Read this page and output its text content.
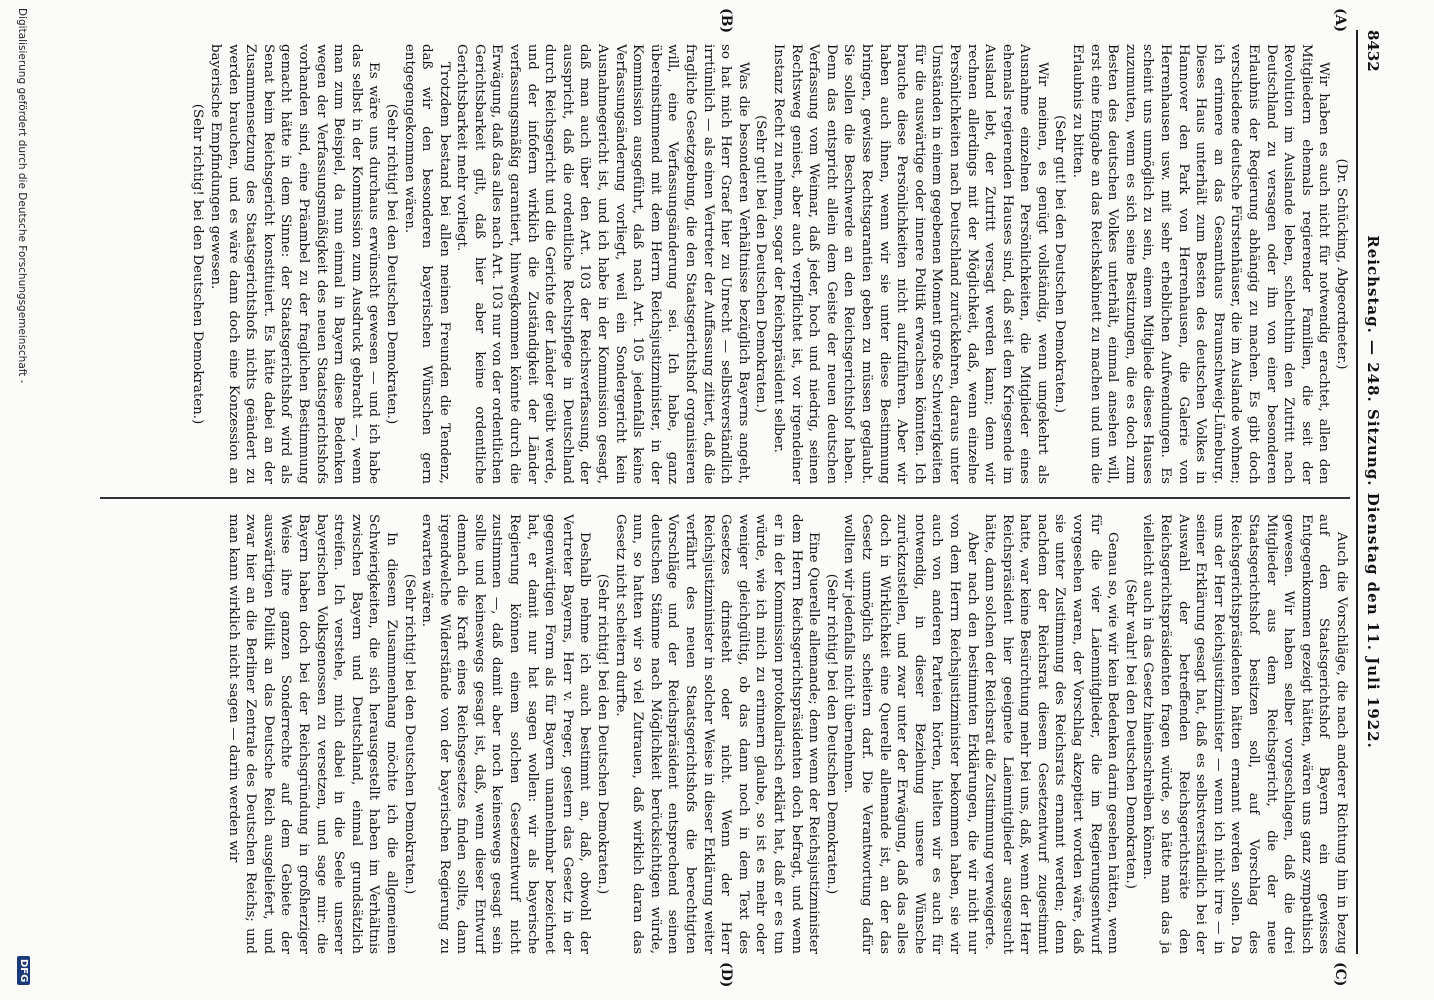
8432
Reichstag. — 248. Sitzung. Dienstag den 11. Juli 1922.
(A)
(B)
(C)
(D)

(Dr. Schücking, Abgeordneter.)

Wir haben es auch nicht für notwendig erachtet, allen den Mitgliedern ehemals regierender Familien, die seit der Revolution im Auslande leben, schlechthin den Zutritt nach Deutschland zu versagen oder ihn von einer besonderen Erlaubnis der Regierung abhängig zu machen. Es gibt doch verschiedene deutsche Fürstenhäuser, die im Auslande wohnen; ich erinnere an das Gesamthaus Braunschweig-Lüneburg. Dieses Haus unterhält zum Besten des deutschen Volkes in Hannover den Park von Herrenhausen, die Galerie von Herrenhausen usw. mit sehr erheblichen Aufwendungen. Es scheint uns unmöglich zu sein, einem Mitgliede dieses Hauses zuzumuten, wenn es sich seine Besitzungen, die es doch zum Besten des deutschen Volkes unterhält, einmal ansehen will, erst eine Eingabe an das Reichskabinett zu machen und um die Erlaubnis zu bitten.

(Sehr gut! bei den Deutschen Demokraten.)

Wir meinen, es genügt vollständig, wenn umgekehrt als Ausnahme einzelnen Persönlichkeiten, die Mitglieder eines ehemals regierenden Hauses sind, daß seit dem Kriegsende im Ausland lebt, der Zutritt versagt werden kann; denn wir rechnen allerdings mit der Möglichkeit, daß, wenn einzelne Persönlichkeiten nach Deutschland zurückkehren, daraus unter Umständen in einem gegebenen Moment große Schwierigkeiten für die auswärtige oder innere Politik erwachsen könnten. Ich brauche diese Persönlichkeiten nicht aufzuführen. Aber wir haben auch ihnen, wenn wir sie unter diese Bestimmung bringen, gewisse Rechtsgarantien geben zu müssen geglaubt. Sie sollen die Beschwerde an den Reichsgerichtshof haben. Denn das entspricht allein dem Geiste der neuen deutschen Verfassung vom Weimar, daß jeder, hoch und niedrig, seinen Rechtsweg geniest, aber auch verpflichtet ist, vor irgendeiner Instanz Recht zu nehmen, sogar der Reichspräsident selber.

(Sehr gut! bei den Deutschen Demokraten.)

Was die besonderen Verhältnisse bezüglich Bayerns angeht, so hat mich Herr Graef hier zu Unrecht — selbstverständlich irrtümlich — als einen Vertreter der Auffassung zitiert, daß die fragliche Gesetzgebung, die den Staatsgerichtshof organisieren will, eine Verfassungsänderung sei. Ich habe, ganz übereinstimmend mit dem Herrn Reichsjustizminister, in der Kommission ausgeführt, daß nach Art. 105 jedenfalls keine Verfassungsänderung vorliegt, weil ein Sondergericht kein Ausnahmegericht ist, und ich habe in der Kommission gesagt, daß man auch über den Art. 103 der Reichsverfassung, der ausspricht, daß die ordentliche Rechtspflege in Deutschland durch Reichsgericht und die Gerichte der Länder geübt werde, und der infofern wirklich die Zuständigkeit der Länder verfassungsmäßig garantiert, hinwegkommen könnte durch die Erwägung, daß das alles nach Art. 103 nur von der ordentlichen Gerichtsbarkeit gilt, daß hier aber keine ordentliche Gerichtsbarkeit mehr vorliegt.

Trotzdem bestand bei allen meinen Freunden die Tendenz, daß wir den besonderen bayerischen Wünschen gern entgegengekommen wären.

(Sehr richtig! bei den Deutschen Demokraten.)

Es wäre uns durchaus erwünscht gewesen — und ich habe das selbst in der Kommission zum Ausdruck gebracht —, wenn man zum Beispiel, da nun einmal in Bayern diese Bedenken wegen der Verfassungsmäßigkeit des neuen Staatsgerichtshofs vorhanden sind, eine Präambel zu der fraglichen Bestimmung gemacht hätte in dem Sinne: der Staatsgerichtshof wird als Senat beim Reichsgericht konstituiert. Es hätte dabei an der Zusammensetzung des Staatsgerichtshofs nichts geändert zu werden brauchen, und es wäre dann doch eine Konzession an bayerische Empfindungen gewesen.

(Sehr richtig! bei den Deutschen Demokraten.)

Auch die Vorschläge, die nach anderer Richtung hin in bezug auf den Staatsgerichtshof Bayern ein gewisses Entgegenkommen gezeigt hätten, wären uns ganz sympathisch gewesen. Wir haben selber vorgeschlagen, daß die drei Mitglieder aus dem Reichsgericht, die der neue Staatsgerichtshof besitzen soll, auf Vorschlag des Reichsgerichtspräsidenten hätten ernannt werden sollen. Da uns der Herr Reichsjustizminister — wenn ich nicht irre — in seiner Erklärung gesagt hat, daß es selbstverständlich bei der Auswahl der betreffenden Reichsgerichtsräte den Reichsgerichtspräsidenten fragen würde, so hätte man das ja vielleicht auch in das Gesetz hineinschreiben können.

(Sehr wahr! bei den Deutschen Demokraten.)

Genau so, wie wir kein Bedenken darin gesehen hätten, wenn für die vier Laienmitglieder, die im Regierungsentwurf vorgesehen waren, der Vorschlag akzeptiert worden wäre, daß sie unter Zustimmung des Reichsrats ernannt werden; denn nachdem der Reichsrat diesem Gesetzentwurf zugestimmt hatte, war keine Besürchtung mehr bei uns, daß, wenn der Herr Reichspräsident hier geeignete Laienmitglieder ausgesucht hätte, dann solchen der Reichsrat die Zustimmung verweigerte.

Aber nach den bestimmten Erklärungen, die wir nicht nur von dem Herrn Reichsjustizminister bekommen haben, sie wir auch von anderen Parteien hörten, hielten wir es auch für notwendig, in dieser Beziehung unsere Wünsche zurückzustellen, und zwar unter der Erwägung, daß das alles doch in Wirklichkeit eine Querelle allemande ist, an der das Gesetz unmöglich scheitern darf. Die Verantwortung dafür wollten wir jedenfalls nicht übernehmen.

(Sehr richtig! bei den Deutschen Demokraten.)

Eine Querelle allemande; denn wenn der Reichsjustizminister dem Herrn Reichsgerichtspräsidenten doch befragt, und wenn er in der Kommission protokollarisch erklärt hat, daß er es tun würde, wie ich mich zu erinnern glaube, so ist es mehr oder weniger gleichgültig, ob das dann noch in dem Text des Gesetzes drinsteht oder nicht. Wenn der Herr Reichsjustizminister in solcher Weise in dieser Erklärung weiter verfährt des neuen Staatsgerichtshofs die berechtigten Vorschläge und der Reichspräsident entsprechend seinen deutschen Stämme nach Möglichkeit berücksichtigen würde, nun, so hatten wir so viel Zutrauen, daß wirklich daran das Gesetz nicht scheitern durfte.

(Sehr richtig! bei den Deutschen Demokraten.)

Deshalb nehme ich auch bestimmt an, daß, obwohl der Vertreter Bayerns, Herr v. Preger, gestern das Gesetz in der gegenwärtigen Form als für Bayern unannehmbar bezeichnet hat, er damit nur hat sagen wollen: wir als bayerische Regierung können einem solchen Gesetzentwurf nicht zustimmen —, daß damit aber noch keineswegs gesagt sein sollte und keineswegs gesagt ist, daß, wenn dieser Entwurf demnach die Kraft eines Reichsgesetzes finden sollte, dann irgendwelche Widerstände von der bayerischen Regierung zu erwarten wären.

(Sehr richtig! bei den Deutschen Demokraten.)

In diesem Zusammenhang möchte ich die allgemeinen Schwierigkeiten, die sich herausgestellt haben im Verhältnis zwischen Bayern und Deutschland, einmal grundsätzlich streifen. Ich verstehe, mich dabei in die Seele unserer bayerischen Volksgenossen zu versetzen, und sage mir: die Bayern haben doch bei der Reichsgründung in großherziger Weise ihre ganzen Sonderrechte auf dem Gebiete der auswärtigen Politik an das Deutsche Reich ausgeliefert, und zwar hier an die Berliner Zentrale des Deutschen Reichs; und man kann wirklich nicht sagen — darin werden wir

Digitalisierung gefördert durch die Deutsche Forschungsgemeinschaft -
DFG
